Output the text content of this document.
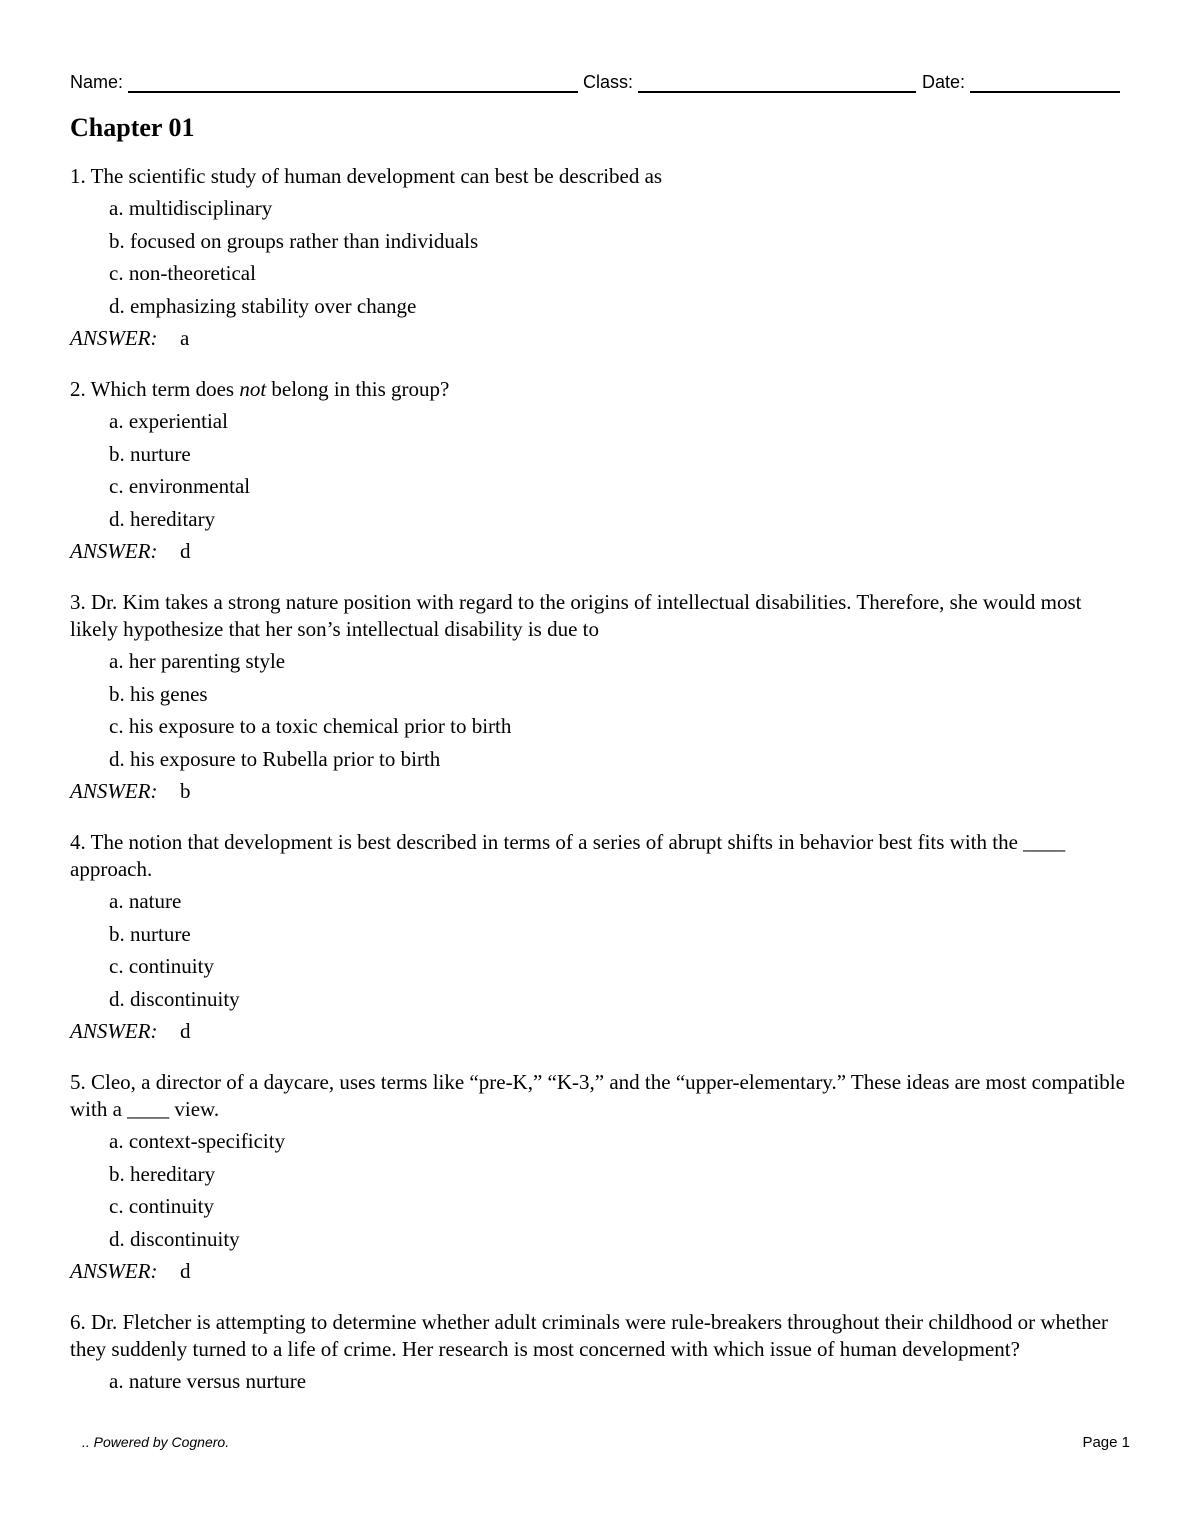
Name:	Class:	Date:
Chapter 01
1. The scientific study of human development can best be described as
a. multidisciplinary
b. focused on groups rather than individuals
c. non-theoretical
d. emphasizing stability over change
ANSWER: a
2. Which term does not belong in this group?
a. experiential
b. nurture
c. environmental
d. hereditary
ANSWER: d
3. Dr. Kim takes a strong nature position with regard to the origins of intellectual disabilities. Therefore, she would most likely hypothesize that her son’s intellectual disability is due to
a. her parenting style
b. his genes
c. his exposure to a toxic chemical prior to birth
d. his exposure to Rubella prior to birth
ANSWER: b
4. The notion that development is best described in terms of a series of abrupt shifts in behavior best fits with the ____ approach.
a. nature
b. nurture
c. continuity
d. discontinuity
ANSWER: d
5. Cleo, a director of a daycare, uses terms like “pre-K,” “K-3,” and the “upper-elementary.” These ideas are most compatible with a ____ view.
a. context-specificity
b. hereditary
c. continuity
d. discontinuity
ANSWER: d
6. Dr. Fletcher is attempting to determine whether adult criminals were rule-breakers throughout their childhood or whether they suddenly turned to a life of crime. Her research is most concerned with which issue of human development?
a. nature versus nurture
.. Powered by Cognero.	Page 1
